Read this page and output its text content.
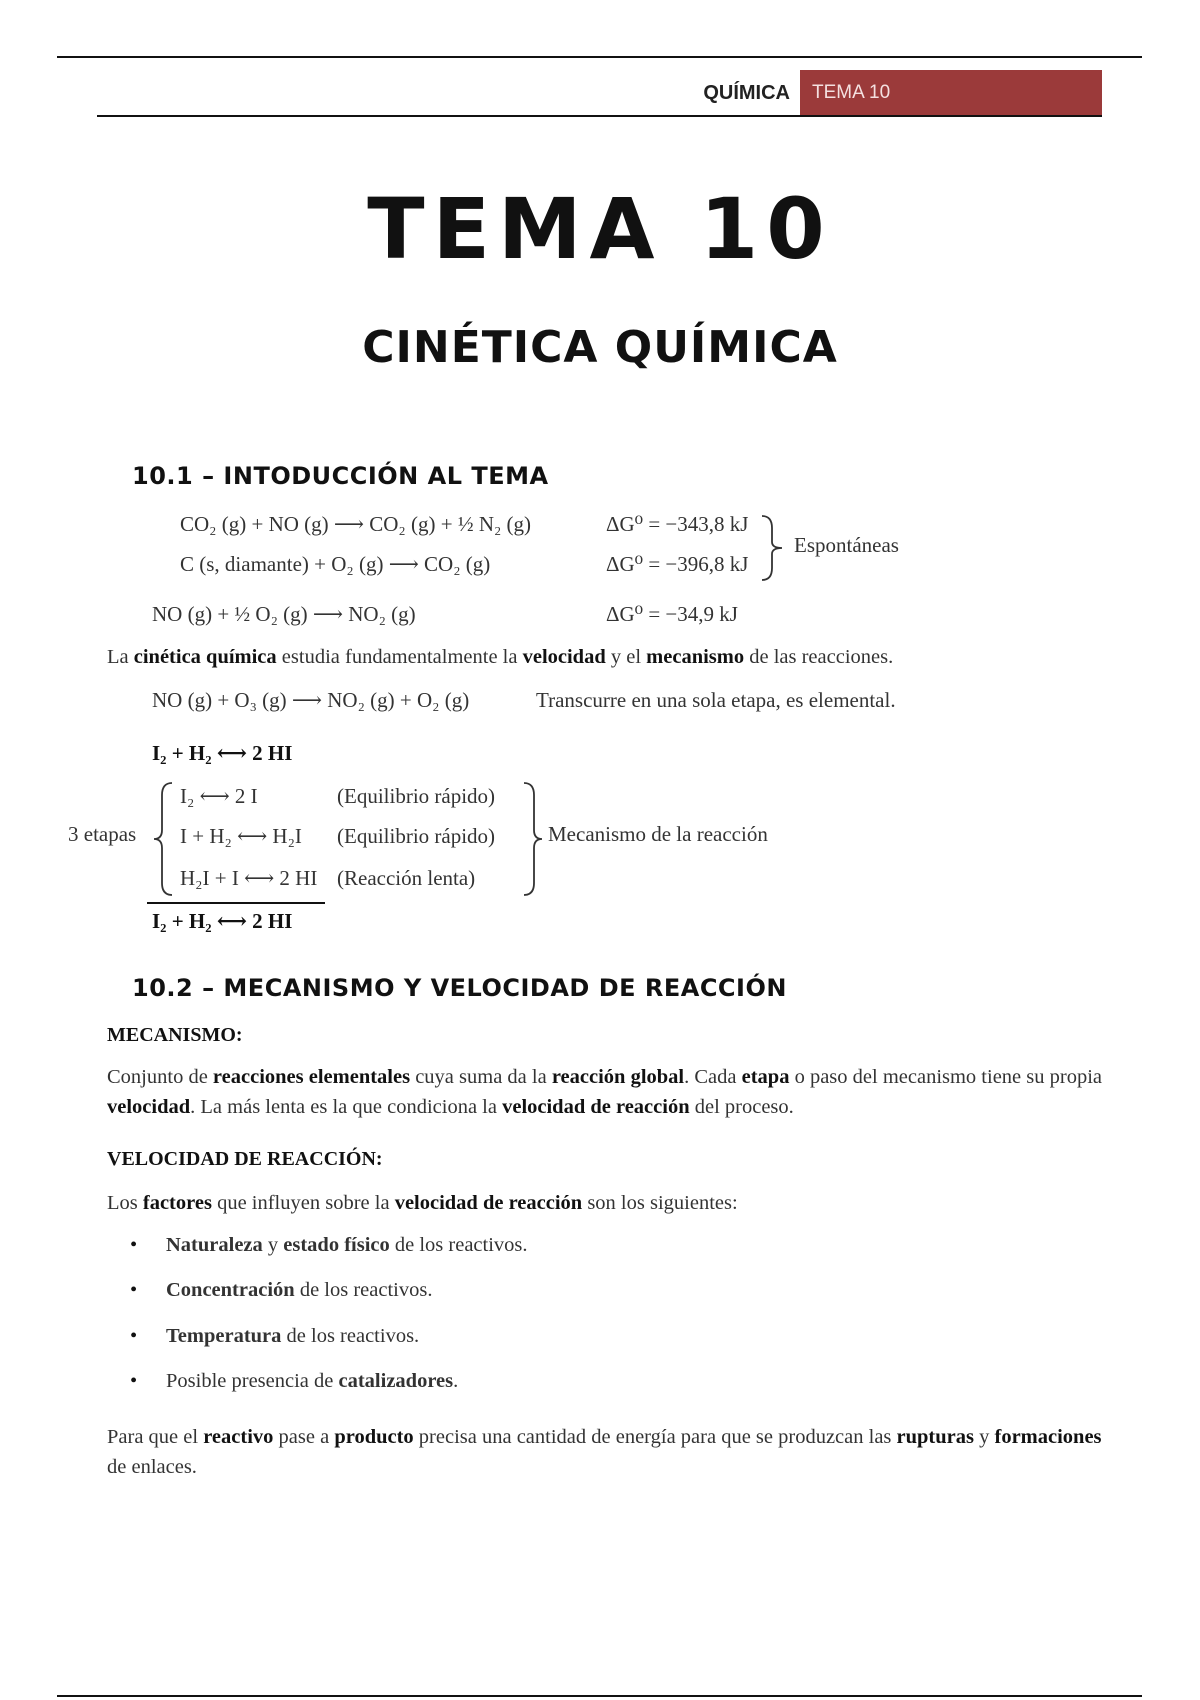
QUÍMICA	TEMA 10
TEMA 10
CINÉTICA QUÍMICA
10.1 – INTODUCCIÓN AL TEMA
CO₂ (g) + NO (g) ⟶ CO₂ (g) + ½ N₂ (g)	ΔG⁰ = −343,8 kJ
C (s, diamante) + O₂ (g) ⟶ CO₂ (g)	ΔG⁰ = −396,8 kJ
Espontáneas
NO (g) + ½ O₂ (g) ⟶ NO₂ (g)	ΔG⁰ = −34,9 kJ
La cinética química estudia fundamentalmente la velocidad y el mecanismo de las reacciones.
NO (g) + O₃ (g) ⟶ NO₂ (g) + O₂ (g)	Transcurre en una sola etapa, es elemental.
I₂ + H₂ ⟷ 2 HI
3 etapas
I₂ ⟷ 2 I	(Equilibrio rápido)
I + H₂ ⟷ H₂I (Equilibrio rápido)
H₂I + I ⟷ 2 HI (Reacción lenta)
Mecanismo de la reacción
I₂ + H₂ ⟷ 2 HI
10.2 – MECANISMO Y VELOCIDAD DE REACCIÓN
MECANISMO:
Conjunto de reacciones elementales cuya suma da la reacción global. Cada etapa o paso del mecanismo tiene su propia velocidad. La más lenta es la que condiciona la velocidad de reacción del proceso.
VELOCIDAD DE REACCIÓN:
Los factores que influyen sobre la velocidad de reacción son los siguientes:
• Naturaleza y estado físico de los reactivos.
• Concentración de los reactivos.
• Temperatura de los reactivos.
• Posible presencia de catalizadores.
Para que el reactivo pase a producto precisa una cantidad de energía para que se produzcan las rupturas y formaciones de enlaces.
